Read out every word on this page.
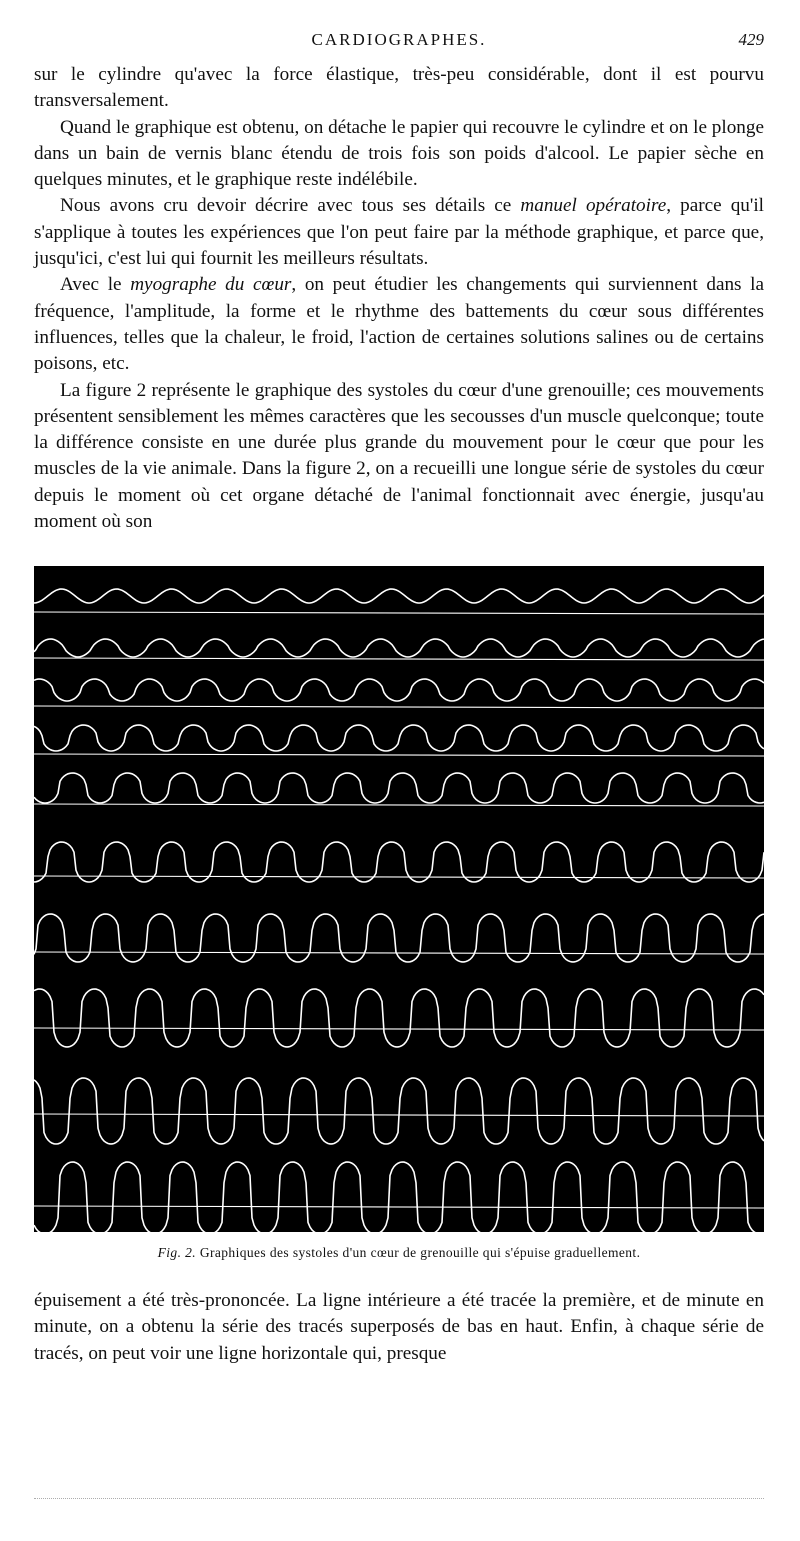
CARDIOGRAPHES.	429

sur le cylindre qu'avec la force élastique, très-peu considérable, dont il est pourvu transversalement.

Quand le graphique est obtenu, on détache le papier qui recouvre le cylindre et on le plonge dans un bain de vernis blanc étendu de trois fois son poids d'alcool. Le papier sèche en quelques minutes, et le graphique reste indélébile.

Nous avons cru devoir décrire avec tous ses détails ce manuel opératoire, parce qu'il s'applique à toutes les expériences que l'on peut faire par la méthode graphique, et parce que, jusqu'ici, c'est lui qui fournit les meilleurs résultats.

Avec le myographe du cœur, on peut étudier les changements qui surviennent dans la fréquence, l'amplitude, la forme et le rhythme des battements du cœur sous différentes influences, telles que la chaleur, le froid, l'action de certaines solutions salines ou de certains poisons, etc.

La figure 2 représente le graphique des systoles du cœur d'une grenouille; ces mouvements présentent sensiblement les mêmes caractères que les secousses d'un muscle quelconque; toute la différence consiste en une durée plus grande du mouvement pour le cœur que pour les muscles de la vie animale. Dans la figure 2, on a recueilli une longue série de systoles du cœur depuis le moment où cet organe détaché de l'animal fonctionnait avec énergie, jusqu'au moment où son

Fig. 2. Graphiques des systoles d'un cœur de grenouille qui s'épuise graduellement.

épuisement a été très-prononcée. La ligne intérieure a été tracée la première, et de minute en minute, on a obtenu la série des tracés superposés de bas en haut. Enfin, à chaque série de tracés, on peut voir une ligne horizontale qui, presque
